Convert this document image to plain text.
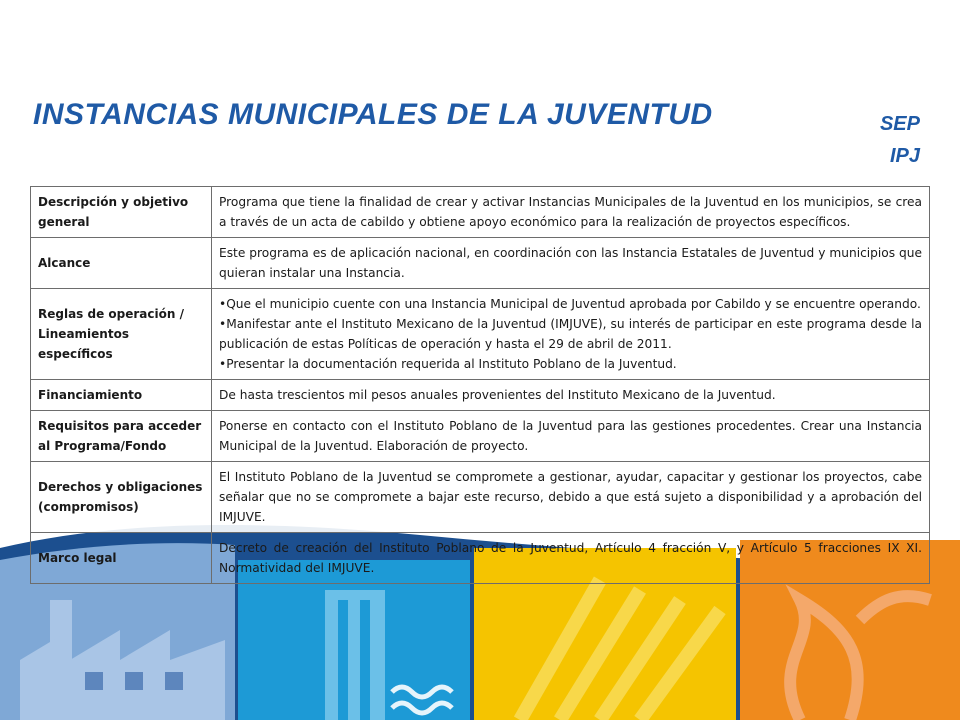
INSTANCIAS MUNICIPALES DE LA JUVENTUD	SEP
IPJ
Descripción y objetivo general	Programa que tiene la finalidad de crear y activar Instancias Municipales de la Juventud en los municipios, se crea a través de un acta de cabildo y obtiene apoyo económico para la realización de proyectos específicos.
Alcance	Este programa es de aplicación nacional, en coordinación con las Instancia Estatales de Juventud y municipios que quieran instalar una Instancia.
Reglas de operación / Lineamientos específicos	• Que el municipio cuente con una Instancia Municipal de Juventud aprobada por Cabildo y se encuentre operando.
• Manifestar ante el Instituto Mexicano de la Juventud (IMJUVE), su interés de participar en este programa desde la publicación de estas Políticas de operación y hasta el 29 de abril de 2011.
• Presentar la documentación requerida al Instituto Poblano de la Juventud.

Financiamiento	De hasta trescientos mil pesos anuales provenientes del Instituto Mexicano de la Juventud.
Requisitos para acceder al Programa/Fondo	Ponerse en contacto con el Instituto Poblano de la Juventud para las gestiones procedentes. Crear una Instancia Municipal de la Juventud. Elaboración de proyecto.
Derechos y obligaciones (compromisos)	El Instituto Poblano de la Juventud se compromete a gestionar, ayudar, capacitar y gestionar los proyectos, cabe señalar que no se compromete a bajar este recurso, debido a que está sujeto a disponibilidad y a aprobación del IMJUVE.
Marco legal	Decreto de creación del Instituto Poblano de la Juventud, Artículo 4 fracción V, y Artículo 5 fracciones IX XI. Normatividad del IMJUVE.
